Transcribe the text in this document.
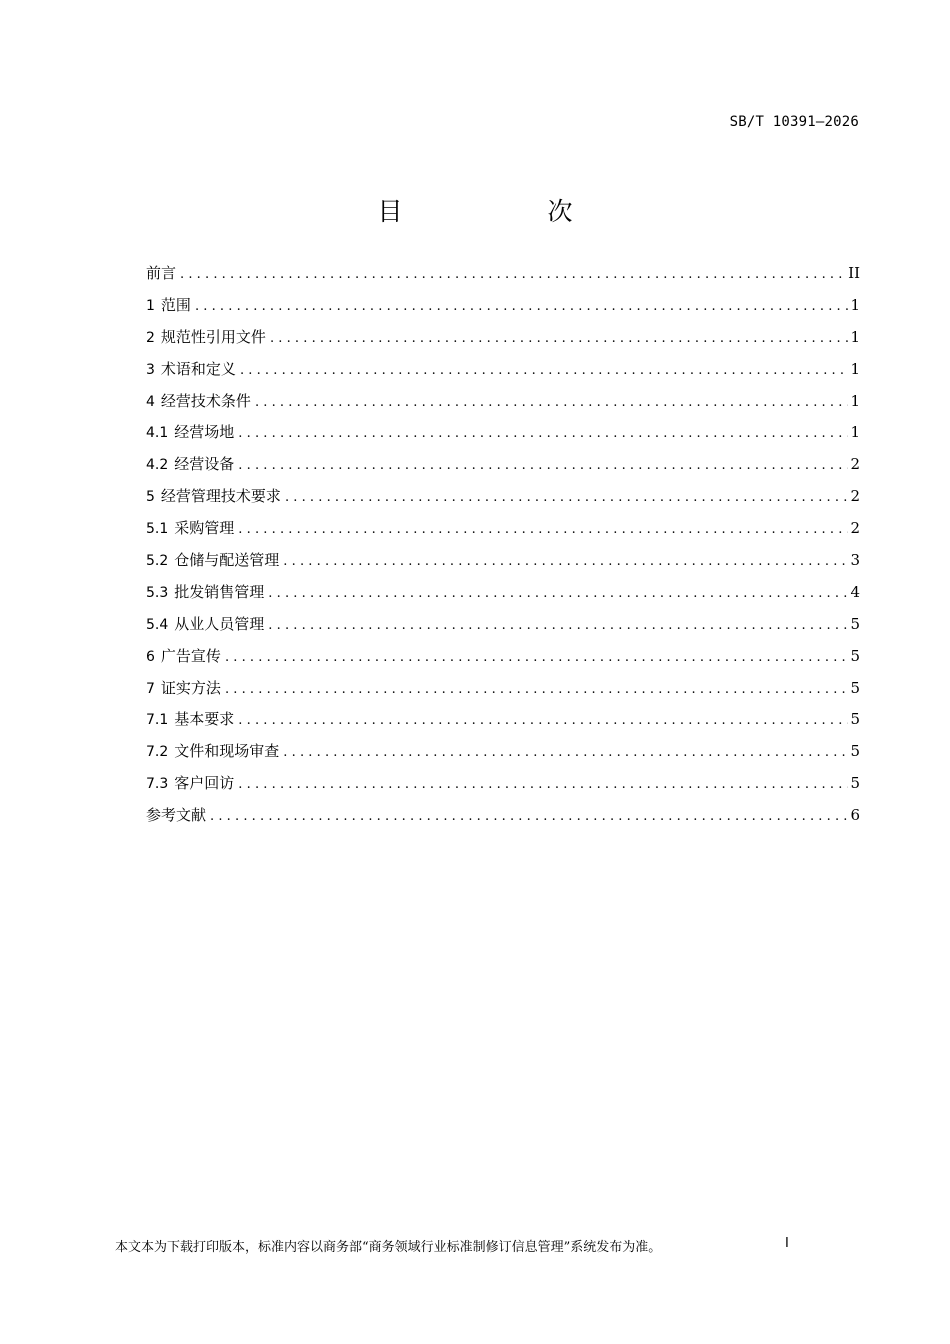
SB/T 10391—2026
目　次
前言 .....	II
1 范围 .....	1
2 规范性引用文件 .....	1
3 术语和定义 .....	1
4 经营技术条件 .....	1
4.1 经营场地 .....	1
4.2 经营设备 .....	2
5 经营管理技术要求 .....	2
5.1 采购管理 .....	2
5.2 仓储与配送管理 .....	3
5.3 批发销售管理 .....	4
5.4 从业人员管理 .....	5
6 广告宣传 .....	5
7 证实方法 .....	5
7.1 基本要求 .....	5
7.2 文件和现场审查 .....	5
7.3 客户回访 .....	5
参考文献 .....	6
本文本为下载打印版本，标准内容以商务部“商务领域行业标准制修订信息管理”系统发布为准。	I
